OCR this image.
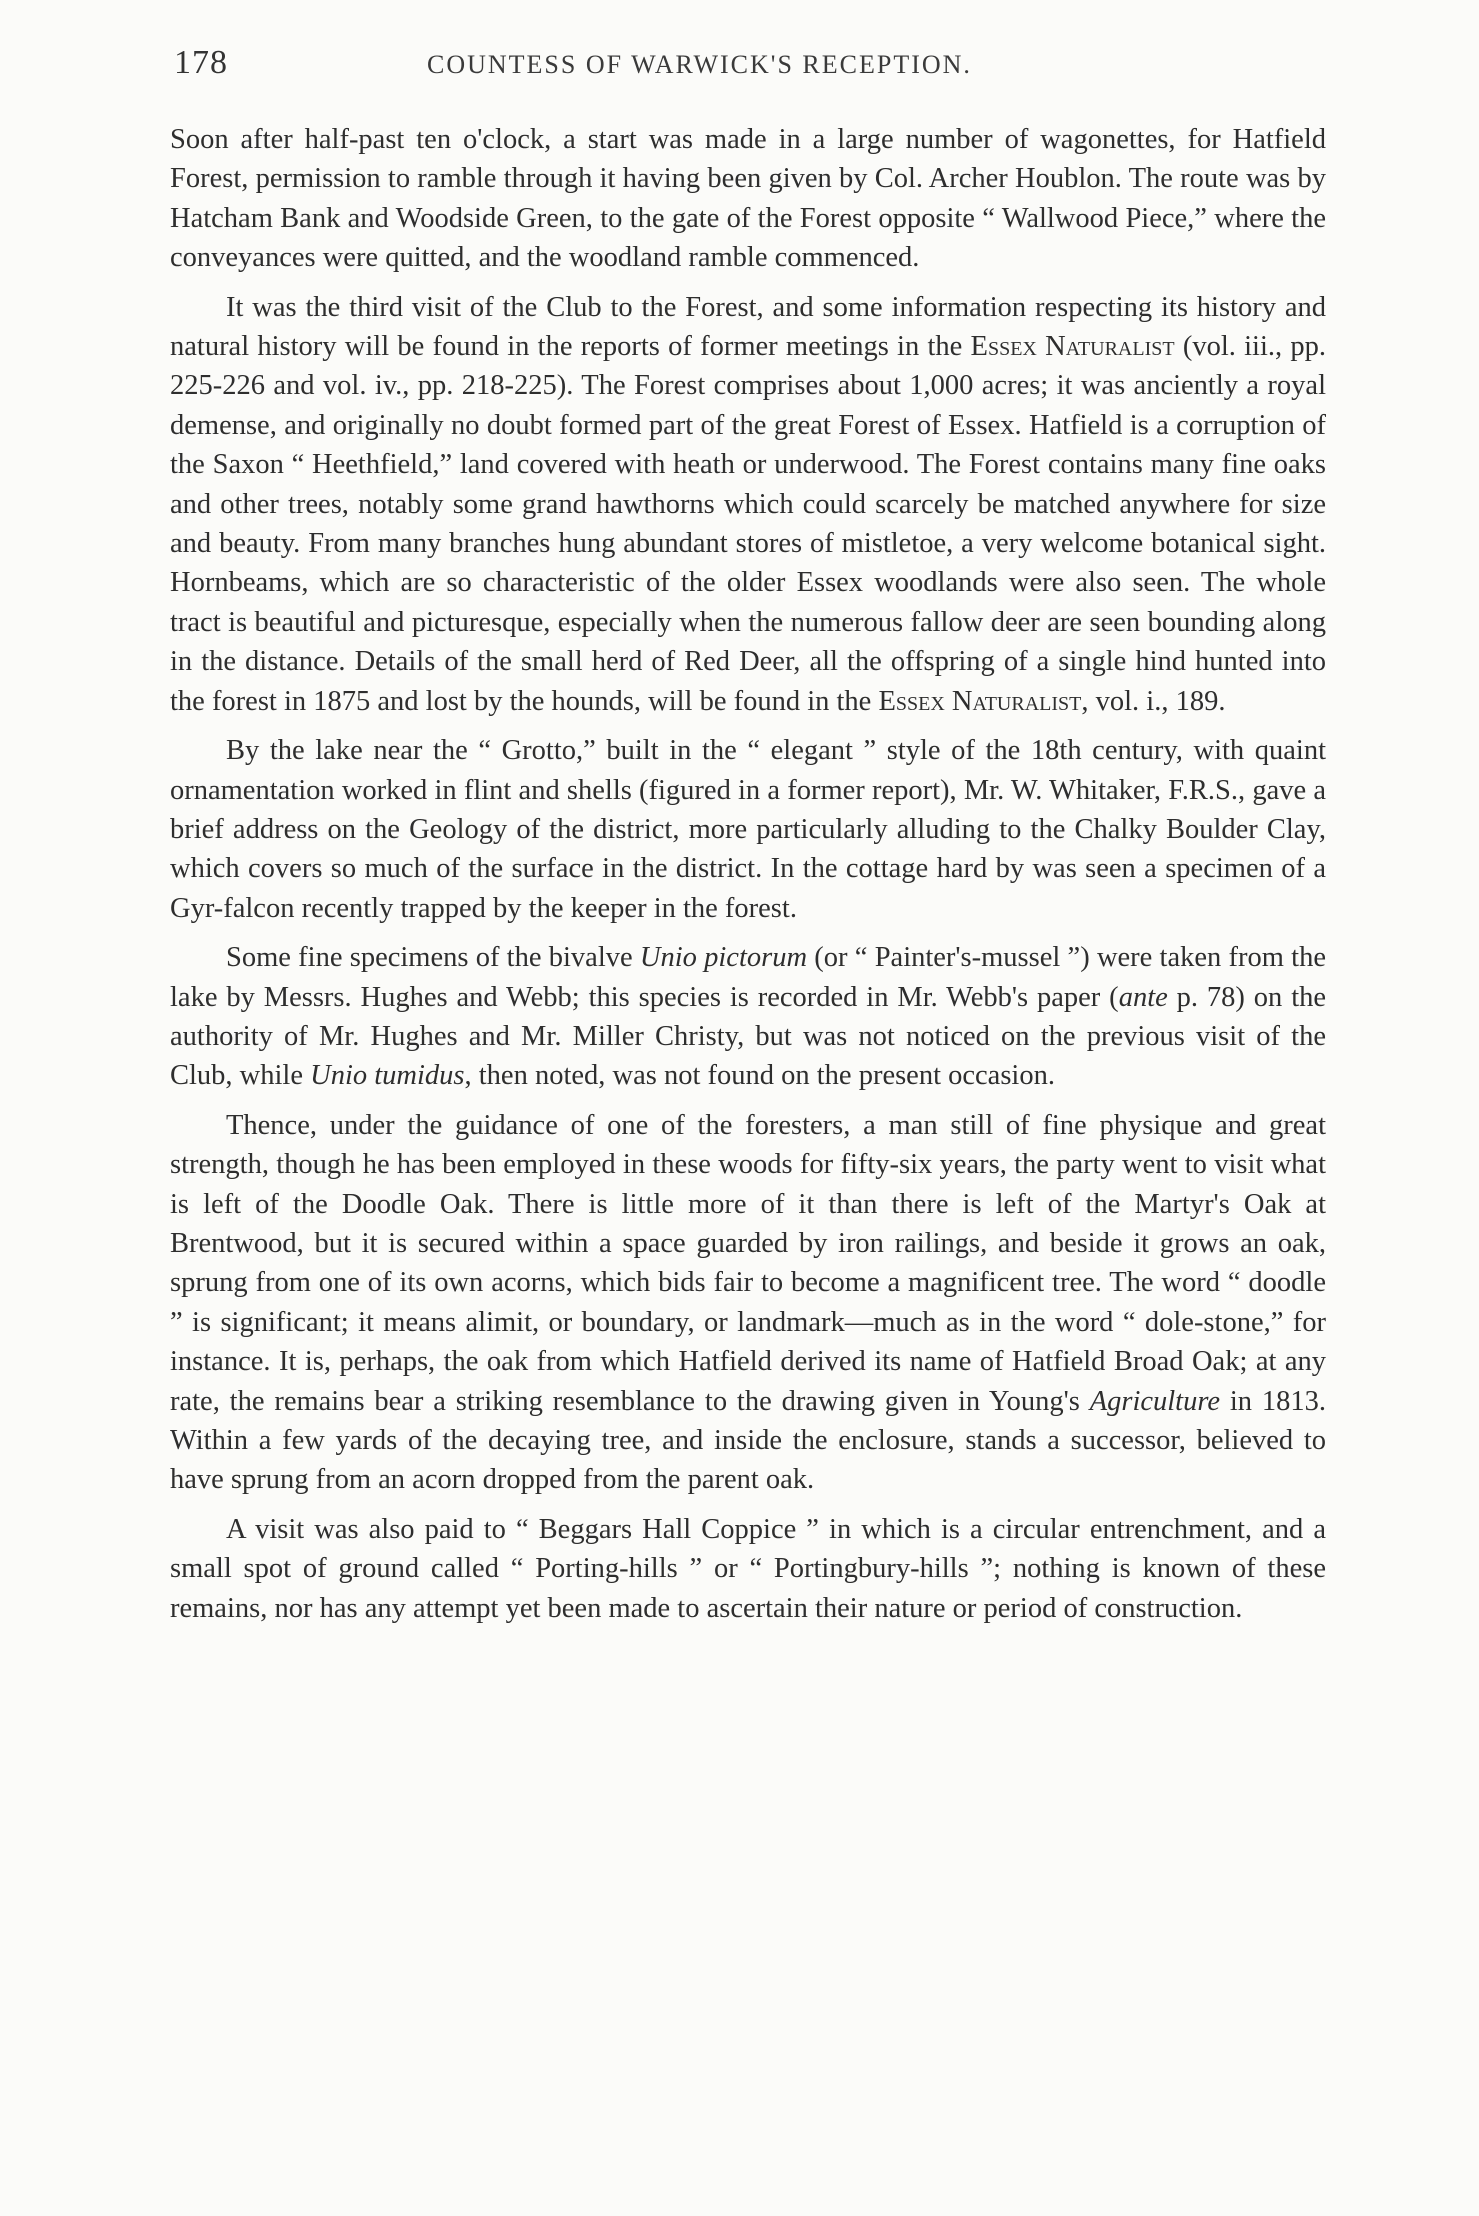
178	COUNTESS OF WARWICK'S RECEPTION.

Soon after half-past ten o'clock, a start was made in a large number of wagonettes, for Hatfield Forest, permission to ramble through it having been given by Col. Archer Houblon. The route was by Hatcham Bank and Woodside Green, to the gate of the Forest opposite “ Wallwood Piece,” where the conveyances were quitted, and the woodland ramble commenced.

It was the third visit of the Club to the Forest, and some information respecting its history and natural history will be found in the reports of former meetings in the Essex Naturalist (vol. iii., pp. 225-226 and vol. iv., pp. 218-225). The Forest comprises about 1,000 acres; it was anciently a royal demense, and originally no doubt formed part of the great Forest of Essex. Hatfield is a corruption of the Saxon “ Heethfield,” land covered with heath or underwood. The Forest contains many fine oaks and other trees, notably some grand hawthorns which could scarcely be matched anywhere for size and beauty. From many branches hung abundant stores of mistletoe, a very welcome botanical sight. Hornbeams, which are so characteristic of the older Essex woodlands were also seen. The whole tract is beautiful and picturesque, especially when the numerous fallow deer are seen bounding along in the distance. Details of the small herd of Red Deer, all the offspring of a single hind hunted into the forest in 1875 and lost by the hounds, will be found in the Essex Naturalist, vol. i., 189.

By the lake near the “ Grotto,” built in the “ elegant ” style of the 18th century, with quaint ornamentation worked in flint and shells (figured in a former report), Mr. W. Whitaker, F.R.S., gave a brief address on the Geology of the district, more particularly alluding to the Chalky Boulder Clay, which covers so much of the surface in the district. In the cottage hard by was seen a specimen of a Gyr-falcon recently trapped by the keeper in the forest.

Some fine specimens of the bivalve Unio pictorum (or “ Painter's-mussel ”) were taken from the lake by Messrs. Hughes and Webb; this species is recorded in Mr. Webb's paper (ante p. 78) on the authority of Mr. Hughes and Mr. Miller Christy, but was not noticed on the previous visit of the Club, while Unio tumidus, then noted, was not found on the present occasion.

Thence, under the guidance of one of the foresters, a man still of fine physique and great strength, though he has been employed in these woods for fifty-six years, the party went to visit what is left of the Doodle Oak. There is little more of it than there is left of the Martyr's Oak at Brentwood, but it is secured within a space guarded by iron railings, and beside it grows an oak, sprung from one of its own acorns, which bids fair to become a magnificent tree. The word “ doodle ” is significant; it means alimit, or boundary, or landmark—much as in the word “ dole-stone,” for instance. It is, perhaps, the oak from which Hatfield derived its name of Hatfield Broad Oak; at any rate, the remains bear a striking resemblance to the drawing given in Young's Agriculture in 1813. Within a few yards of the decaying tree, and inside the enclosure, stands a successor, believed to have sprung from an acorn dropped from the parent oak.

A visit was also paid to “ Beggars Hall Coppice ” in which is a circular entrenchment, and a small spot of ground called “ Porting-hills ” or “ Portingbury-hills ”; nothing is known of these remains, nor has any attempt yet been made to ascertain their nature or period of construction.
